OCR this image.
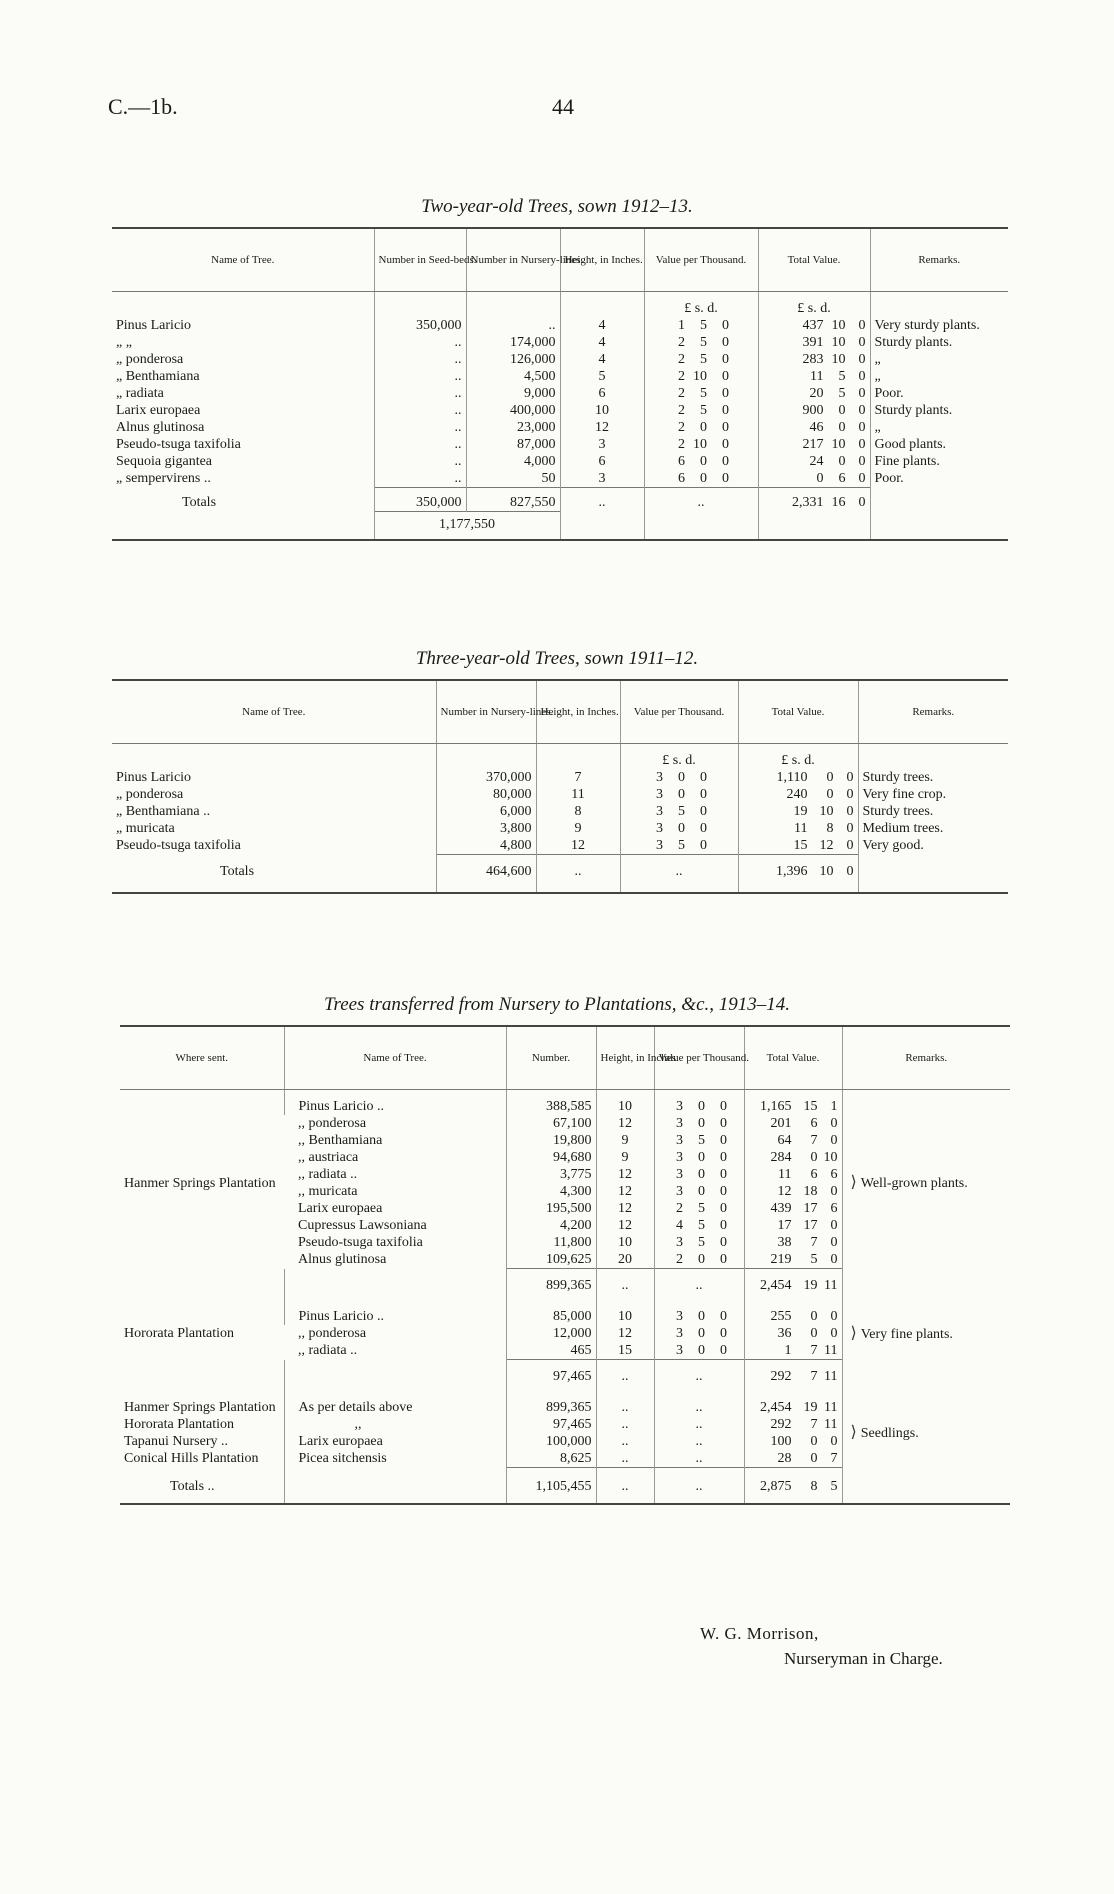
C.—1b.	44
Two-year-old Trees, sown 1912–13.
Name of Tree.	Number in Seed-beds.	Number in Nursery-lines.	Height, in Inches.	Value per Thousand.	Total Value.	Remarks.

				£ s. d.	£ s. d.	
Pinus Laricio	350,000	..	4	1 5 0	437 10 0	Very sturdy plants.
„ „	..	174,000	4	2 5 0	391 10 0	Sturdy plants.
„ ponderosa	..	126,000	4	2 5 0	283 10 0	„
„ Benthamiana	..	4,500	5	2 10 0	11 5 0	„
„ radiata	..	9,000	6	2 5 0	20 5 0	Poor.
Larix europaea	..	400,000	10	2 5 0	900 0 0	Sturdy plants.
Alnus glutinosa	..	23,000	12	2 0 0	46 0 0	„
Pseudo-tsuga taxifolia	..	87,000	3	2 10 0	217 10 0	Good plants.
Sequoia gigantea	..	4,000	6	6 0 0	24 0 0	Fine plants.
„ sempervirens ..	..	50	3	6 0 0	0 6 0	Poor.
Totals	350,000	827,550	..	..	2,331 16 0	
	1,177,550					
Three-year-old Trees, sown 1911–12.
Name of Tree.	Number in Nursery-lines.	Height, in Inches.	Value per Thousand.	Total Value.	Remarks.

			£ s. d.	£ s. d.	
Pinus Laricio	370,000	7	3 0 0	1,110 0 0	Sturdy trees.
„ ponderosa	80,000	11	3 0 0	240 0 0	Very fine crop.
„ Benthamiana ..	6,000	8	3 5 0	19 10 0	Sturdy trees.
„ muricata	3,800	9	3 0 0	11 8 0	Medium trees.
Pseudo-tsuga taxifolia	4,800	12	3 5 0	15 12 0	Very good.
Totals	464,600	..	..	1,396 10 0	
Trees transferred from Nursery to Plantations, &c., 1913–14.
Where sent.	Name of Tree.	Number.	Height, in Inches.	Value per Thousand.	Total Value.	Remarks.

Hanmer Springs Plantation	Pinus Laricio ..	388,585	10	3 0 0	1,165 15 1	⟩ Well-grown plants.
	,, ponderosa	67,100	12	3 0 0	201 6 0	
	,, Benthamiana	19,800	9	3 5 0	64 7 0	
	,, austriaca	94,680	9	3 0 0	284 0 10	
	,, radiata ..	3,775	12	3 0 0	11 6 6	
	,, muricata	4,300	12	3 0 0	12 18 0	
	Larix europaea	195,500	12	2 5 0	439 17 6	
	Cupressus Lawsoniana	4,200	12	4 5 0	17 17 0	
	Pseudo-tsuga taxifolia	11,800	10	3 5 0	38 7 0	
	Alnus glutinosa	109,625	20	2 0 0	219 5 0	
		899,365	..	..	2,454 19 11	
Hororata Plantation	Pinus Laricio ..	85,000	10	3 0 0	255 0 0	⟩ Very fine plants.
	,, ponderosa	12,000	12	3 0 0	36 0 0	
	,, radiata ..	465	15	3 0 0	1 7 11	
		97,465	..	..	292 7 11	
Hanmer Springs Plantation	As per details above	899,365	..	..	2,454 19 11	⟩ Seedlings.
Hororata Plantation	,,	97,465	..	..	292 7 11	
Tapanui Nursery ..	Larix europaea	100,000	..	..	100 0 0	
Conical Hills Plantation	Picea sitchensis	8,625	..	..	28 0 7	
Totals ..		1,105,455	..	..	2,875 8 5	
W. G. Morrison,
Nurseryman in Charge.
